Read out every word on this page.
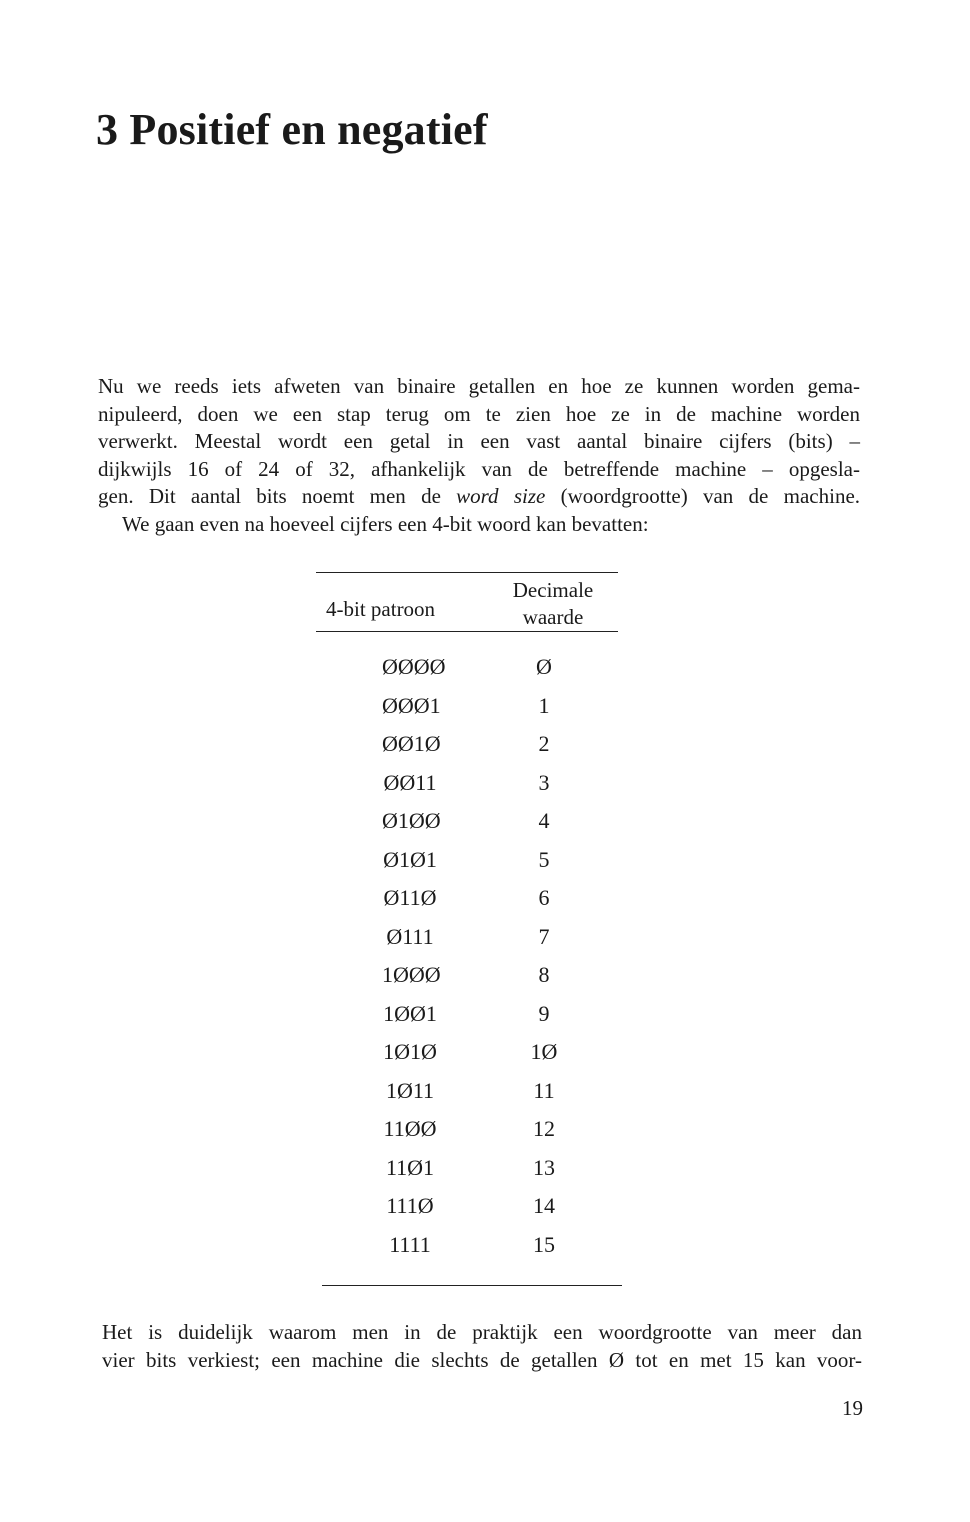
3 Positief en negatief
Nu we reeds iets afweten van binaire getallen en hoe ze kunnen worden gema-
nipuleerd, doen we een stap terug om te zien hoe ze in de machine worden
verwerkt. Meestal wordt een getal in een vast aantal binaire cijfers (bits) –
dijkwijls 16 of 24 of 32, afhankelijk van de betreffende machine – opgesla-
gen. Dit aantal bits noemt men de word size (woordgrootte) van de machine.
We gaan even na hoeveel cijfers een 4-bit woord kan bevatten:
4-bit patroon
Decimale
waarde
ØØØØ	Ø
ØØØ1	1
ØØ1Ø	2
ØØ11	3
Ø1ØØ	4
Ø1Ø1	5
Ø11Ø	6
Ø111	7
1ØØØ	8
1ØØ1	9
1Ø1Ø	1Ø
1Ø11	11
11ØØ	12
11Ø1	13
111Ø	14
1111	15
Het is duidelijk waarom men in de praktijk een woordgrootte van meer dan
vier bits verkiest; een machine die slechts de getallen Ø tot en met 15 kan voor-
19
